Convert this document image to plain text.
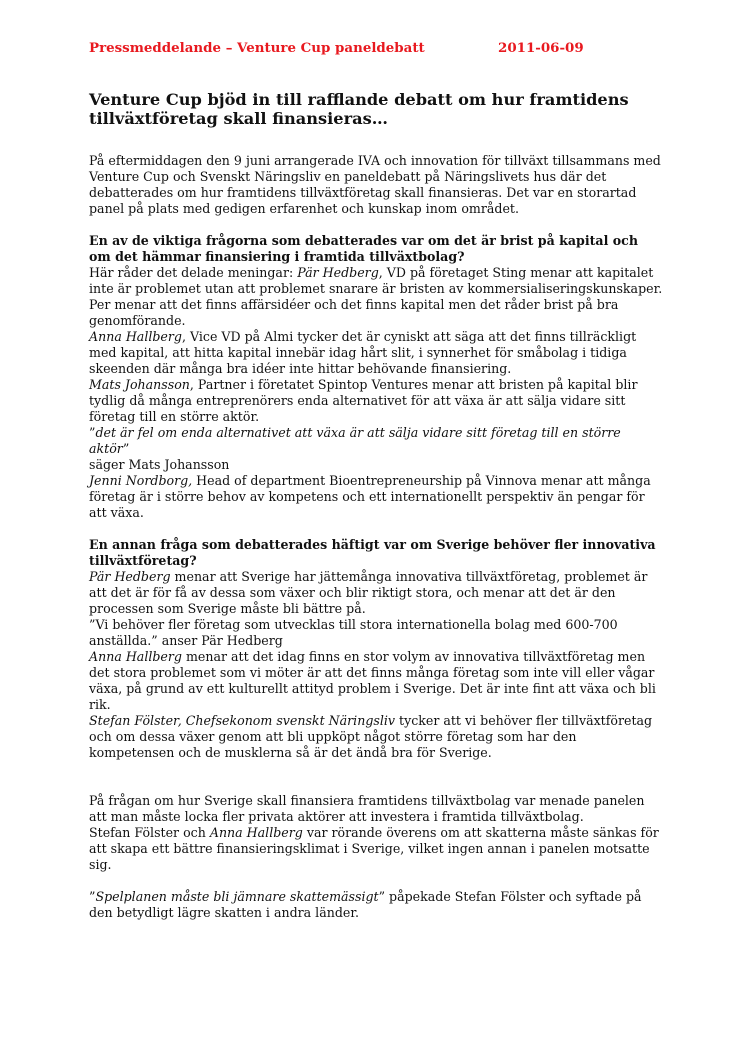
Pressmeddelande – Venture Cup paneldebatt	2011-06-09
Venture Cup bjöd in till rafflande debatt om hur framtidens tillväxtföretag skall finansieras…

På eftermiddagen den 9 juni arrangerade IVA och innovation för tillväxt tillsammans med Venture Cup och Svenskt Näringsliv en paneldebatt på Näringslivets hus där det debatterades om hur framtidens tillväxtföretag skall finansieras. Det var en storartad panel på plats med gedigen erfarenhet och kunskap inom området.

En av de viktiga frågorna som debatterades var om det är brist på kapital och om det hämmar finansiering i framtida tillväxtbolag?

Här råder det delade meningar: Pär Hedberg, VD på företaget Sting menar att kapitalet inte är problemet utan att problemet snarare är bristen av kommersialiseringskunskaper. Per menar att det finns affärsidéer och det finns kapital men det råder brist på bra genomförande.

Anna Hallberg, Vice VD på Almi tycker det är cyniskt att säga att det finns tillräckligt med kapital, att hitta kapital innebär idag hårt slit, i synnerhet för småbolag i tidiga skeenden där många bra idéer inte hittar behövande finansiering.

Mats Johansson, Partner i företatet Spintop Ventures menar att bristen på kapital blir tydlig då många entreprenörers enda alternativet för att växa är att sälja vidare sitt företag till en större aktör.

”det är fel om enda alternativet att växa är att sälja vidare sitt företag till en större aktör”

säger Mats Johansson

Jenni Nordborg, Head of department Bioentrepreneurship på Vinnova menar att många företag är i större behov av kompetens och ett internationellt perspektiv än pengar för att växa.

En annan fråga som debatterades häftigt var om Sverige behöver fler innovativa tillväxtföretag?

Pär Hedberg menar att Sverige har jättemånga innovativa tillväxtföretag, problemet är att det är för få av dessa som växer och blir riktigt stora, och menar att det är den processen som Sverige måste bli bättre på.

”Vi behöver fler företag som utvecklas till stora internationella bolag med 600-700 anställda.” anser Pär Hedberg

Anna Hallberg menar att det idag finns en stor volym av innovativa tillväxtföretag men det stora problemet som vi möter är att det finns många företag som inte vill eller vågar växa, på grund av ett kulturellt attityd problem i Sverige. Det är inte fint att växa och bli rik.

Stefan Fölster, Chefsekonom svenskt Näringsliv tycker att vi behöver fler tillväxtföretag och om dessa växer genom att bli uppköpt något större företag som har den kompetensen och de musklerna så är det ändå bra för Sverige.

På frågan om hur Sverige skall finansiera framtidens tillväxtbolag var menade panelen att man måste locka fler privata aktörer att investera i framtida tillväxtbolag.

Stefan Fölster och Anna Hallberg var rörande överens om att skatterna måste sänkas för att skapa ett bättre finansieringsklimat i Sverige, vilket ingen annan i panelen motsatte sig.

”Spelplanen måste bli jämnare skattemässigt” påpekade Stefan Fölster och syftade på den betydligt lägre skatten i andra länder.
